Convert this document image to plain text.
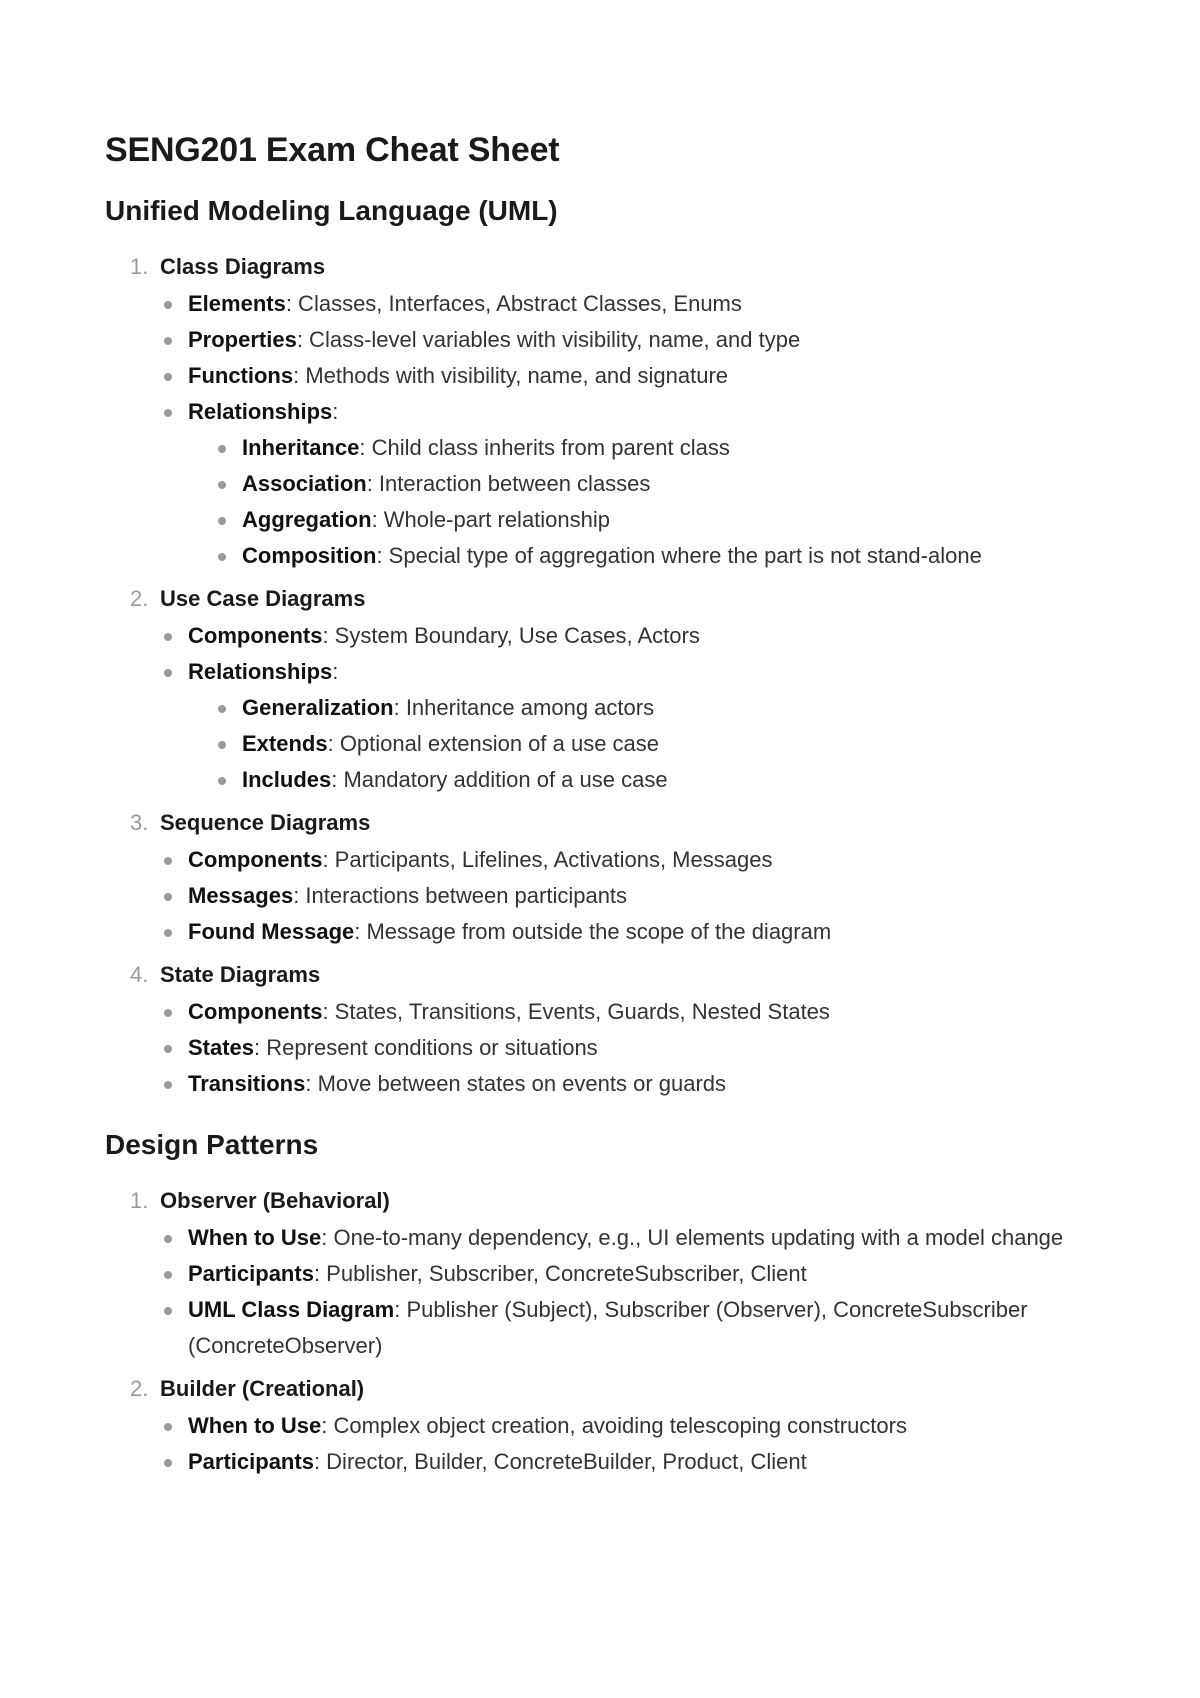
SENG201 Exam Cheat Sheet
Unified Modeling Language (UML)
1. Class Diagrams
Elements: Classes, Interfaces, Abstract Classes, Enums
Properties: Class-level variables with visibility, name, and type
Functions: Methods with visibility, name, and signature
Relationships:
Inheritance: Child class inherits from parent class
Association: Interaction between classes
Aggregation: Whole-part relationship
Composition: Special type of aggregation where the part is not stand-alone
2. Use Case Diagrams
Components: System Boundary, Use Cases, Actors
Relationships:
Generalization: Inheritance among actors
Extends: Optional extension of a use case
Includes: Mandatory addition of a use case
3. Sequence Diagrams
Components: Participants, Lifelines, Activations, Messages
Messages: Interactions between participants
Found Message: Message from outside the scope of the diagram
4. State Diagrams
Components: States, Transitions, Events, Guards, Nested States
States: Represent conditions or situations
Transitions: Move between states on events or guards
Design Patterns
1. Observer (Behavioral)
When to Use: One-to-many dependency, e.g., UI elements updating with a model change
Participants: Publisher, Subscriber, ConcreteSubscriber, Client
UML Class Diagram: Publisher (Subject), Subscriber (Observer), ConcreteSubscriber (ConcreteObserver)
2. Builder (Creational)
When to Use: Complex object creation, avoiding telescoping constructors
Participants: Director, Builder, ConcreteBuilder, Product, Client
